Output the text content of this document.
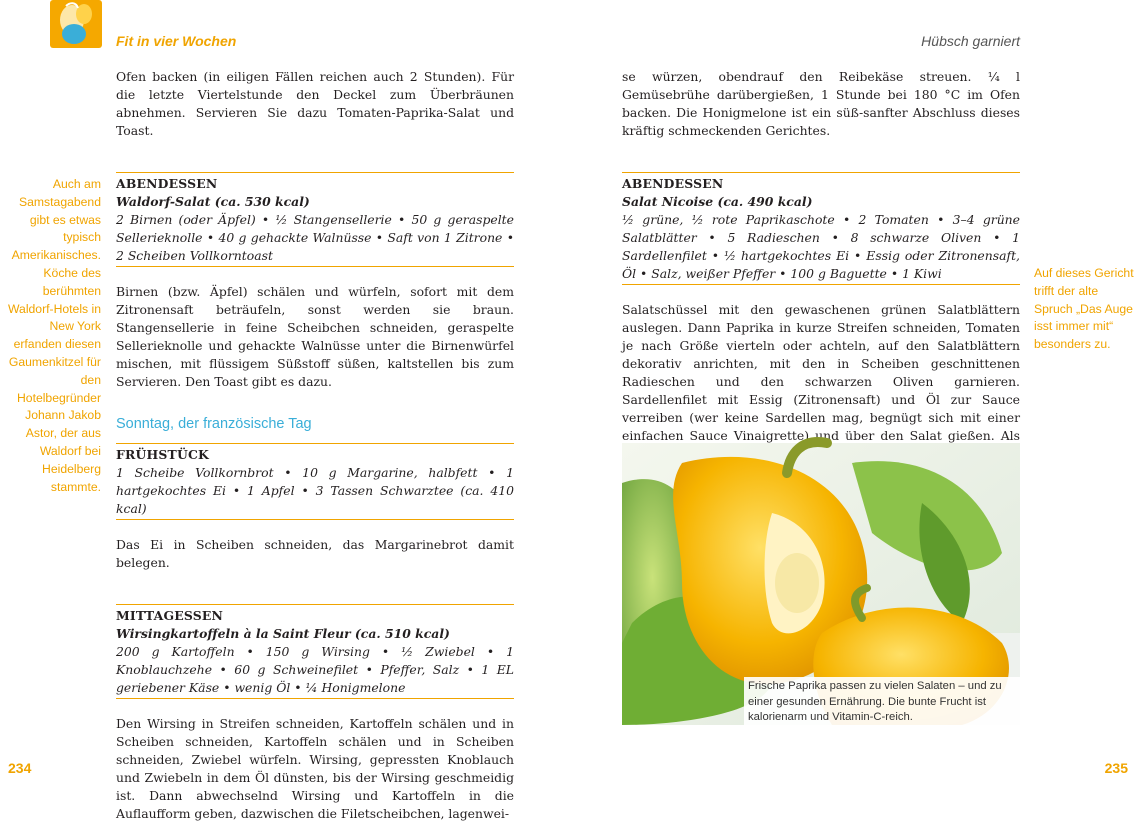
Fit in vier Wochen	Hübsch garniert
Auch am Samstagabend gibt es etwas typisch Amerikanisches. Köche des berühmten Waldorf-Hotels in New York erfanden diesen Gaumenkitzel für den Hotelbegründer Johann Jakob Astor, der aus Waldorf bei Heidelberg stammte.

Ofen backen (in eiligen Fällen reichen auch 2 Stunden). Für die letzte Viertelstunde den Deckel zum Überbräunen abnehmen. Servieren Sie dazu Tomaten-Paprika-Salat und Toast.

ABENDESSEN
Waldorf-Salat (ca. 530 kcal)
2 Birnen (oder Äpfel) • ½ Stangensellerie • 50 g geraspelte Sellerieknolle • 40 g gehackte Walnüsse • Saft von 1 Zitrone • 2 Scheiben Vollkorntoast

Birnen (bzw. Äpfel) schälen und würfeln, sofort mit dem Zitronensaft beträufeln, sonst werden sie braun. Stangensellerie in feine Scheibchen schneiden, geraspelte Sellerieknolle und gehackte Walnüsse unter die Birnenwürfel mischen, mit flüssigem Süßstoff süßen, kaltstellen bis zum Servieren. Den Toast gibt es dazu.

Sonntag, der französische Tag
FRÜHSTÜCK
1 Scheibe Vollkornbrot • 10 g Margarine, halbfett • 1 hartgekochtes Ei • 1 Apfel • 3 Tassen Schwarztee (ca. 410 kcal)

Das Ei in Scheiben schneiden, das Margarinebrot damit belegen.

MITTAGESSEN
Wirsingkartoffeln à la Saint Fleur (ca. 510 kcal)
200 g Kartoffeln • 150 g Wirsing • ½ Zwiebel • 1 Knoblauchzehe • 60 g Schweinefilet • Pfeffer, Salz • 1 EL geriebener Käse • wenig Öl • ¼ Honigmelone

Den Wirsing in Streifen schneiden, Kartoffeln schälen und in Scheiben schneiden, Kartoffeln schälen und in Scheiben schneiden, Zwiebel würfeln. Wirsing, gepressten Knoblauch und Zwiebeln in dem Öl dünsten, bis der Wirsing geschmeidig ist. Dann abwechselnd Wirsing und Kartoffeln in die Auflaufform geben, dazwischen die Filetscheibchen, lagenwei-

se würzen, obendrauf den Reibekäse streuen. ¼ l Gemüsebrühe darübergießen, 1 Stunde bei 180 °C im Ofen backen. Die Honigmelone ist ein süß-sanfter Abschluss dieses kräftig schmeckenden Gerichtes.

ABENDESSEN
Salat Nicoise (ca. 490 kcal)
½ grüne, ½ rote Paprikaschote • 2 Tomaten • 3–4 grüne Salatblätter • 5 Radieschen • 8 schwarze Oliven • 1 Sardellenfilet • ½ hartgekochtes Ei • Essig oder Zitronensaft, Öl • Salz, weißer Pfeffer • 100 g Baguette • 1 Kiwi

Salatschüssel mit den gewaschenen grünen Salatblättern auslegen. Dann Paprika in kurze Streifen schneiden, Tomaten je nach Größe vierteln oder achteln, auf den Salatblättern dekorativ anrichten, mit den in Scheiben geschnittenen Radieschen und den schwarzen Oliven garnieren. Sardellenfilet mit Essig (Zitronensaft) und Öl zur Sauce verreiben (wer keine Sardellen mag, begnügt sich mit einer einfachen Sauce Vinaigrette) und über den Salat gießen. Als

Auf dieses Gericht trifft der alte Spruch „Das Auge isst immer mit“ besonders zu.
Frische Paprika passen zu vielen Salaten – und zu einer gesunden Ernährung. Die bunte Frucht ist kalorienarm und Vitamin-C-reich.
234	235
